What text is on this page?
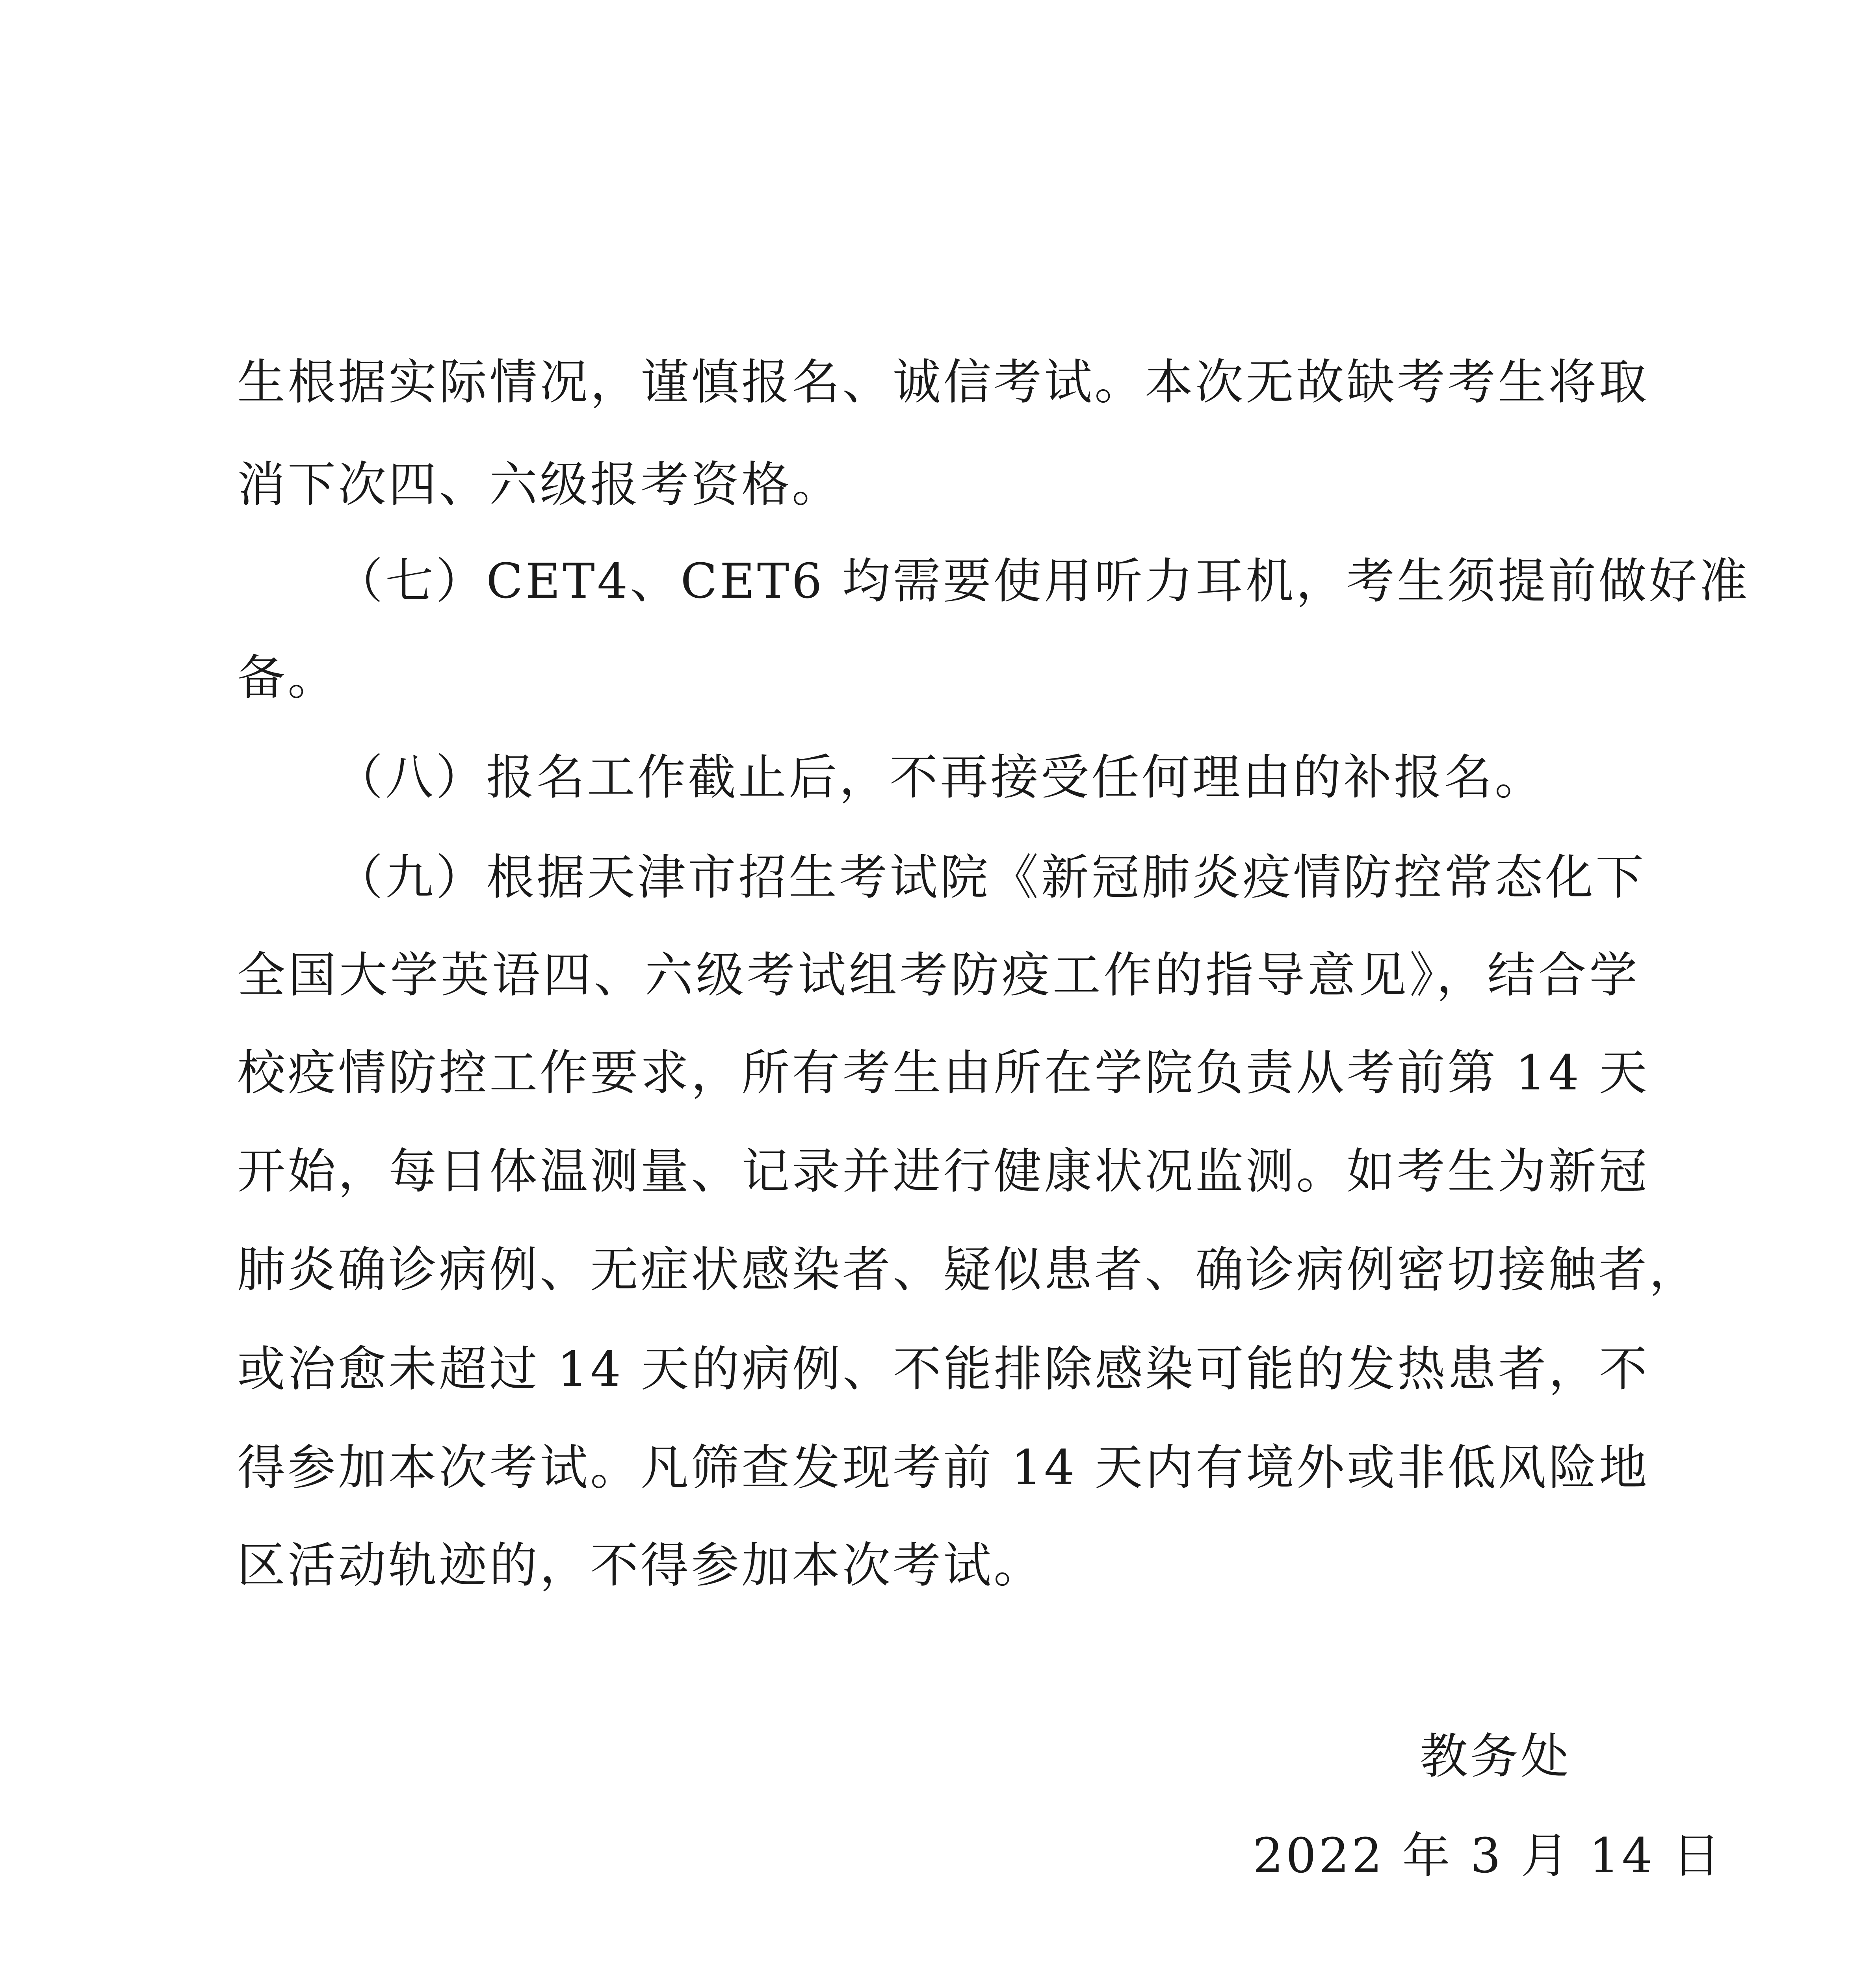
生根据实际情况，谨慎报名、诚信考试。本次无故缺考考生将取
消下次四、六级报考资格。
（七）CET4、CET6 均需要使用听力耳机，考生须提前做好准
备。
（八）报名工作截止后，不再接受任何理由的补报名。
（九）根据天津市招生考试院《新冠肺炎疫情防控常态化下
全国大学英语四、六级考试组考防疫工作的指导意见》，结合学
校疫情防控工作要求，所有考生由所在学院负责从考前第 14 天
开始，每日体温测量、记录并进行健康状况监测。如考生为新冠
肺炎确诊病例、无症状感染者、疑似患者、确诊病例密切接触者，
或治愈未超过 14 天的病例、不能排除感染可能的发热患者，不
得参加本次考试。凡筛查发现考前 14 天内有境外或非低风险地
区活动轨迹的，不得参加本次考试。
教务处
2022 年 3 月 14 日
